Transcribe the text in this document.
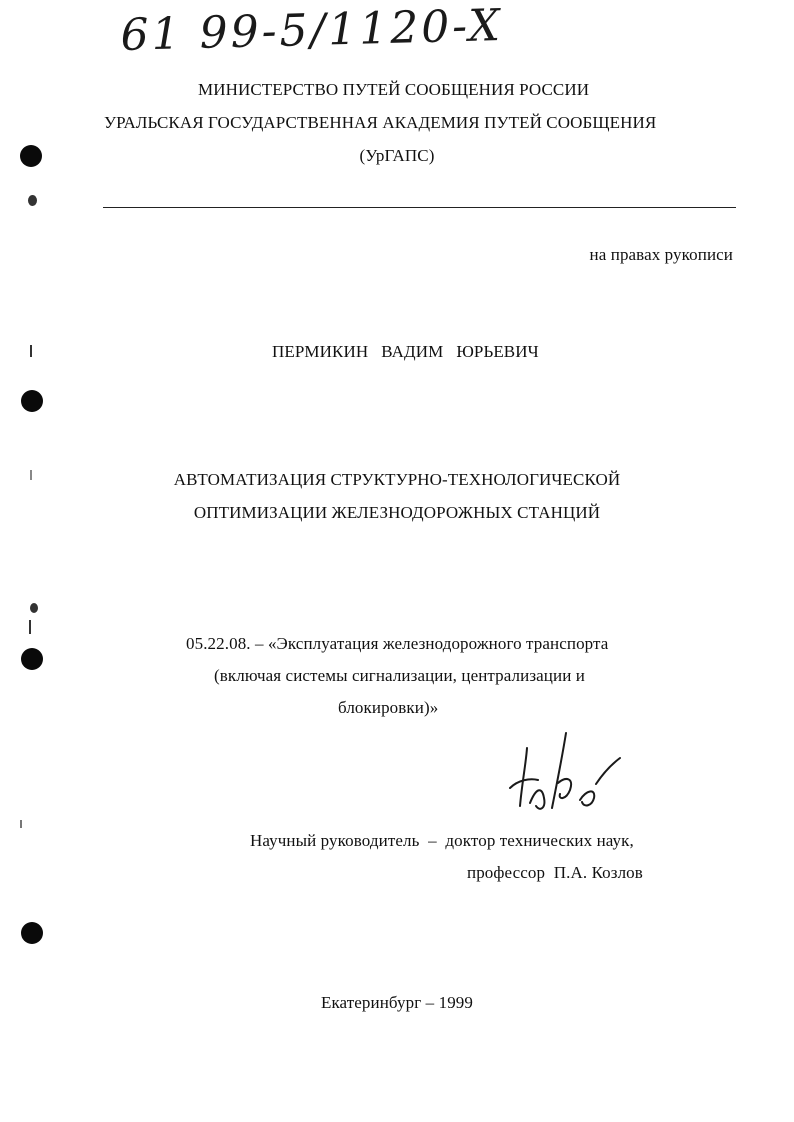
61 99-5/1120-X
МИНИСТЕРСТВО ПУТЕЙ СООБЩЕНИЯ РОССИИ
УРАЛЬСКАЯ ГОСУДАРСТВЕННАЯ АКАДЕМИЯ ПУТЕЙ СООБЩЕНИЯ
(УрГАПС)
на правах рукописи
ПЕРМИКИН   ВАДИМ   ЮРЬЕВИЧ
АВТОМАТИЗАЦИЯ СТРУКТУРНО-ТЕХНОЛОГИЧЕСКОЙ
ОПТИМИЗАЦИИ ЖЕЛЕЗНОДОРОЖНЫХ СТАНЦИЙ
05.22.08. – «Эксплуатация железнодорожного транспорта
(включая системы сигнализации, централизации и
блокировки)»
Научный руководитель  –  доктор технических наук,
профессор  П.А. Козлов
Екатеринбург – 1999
